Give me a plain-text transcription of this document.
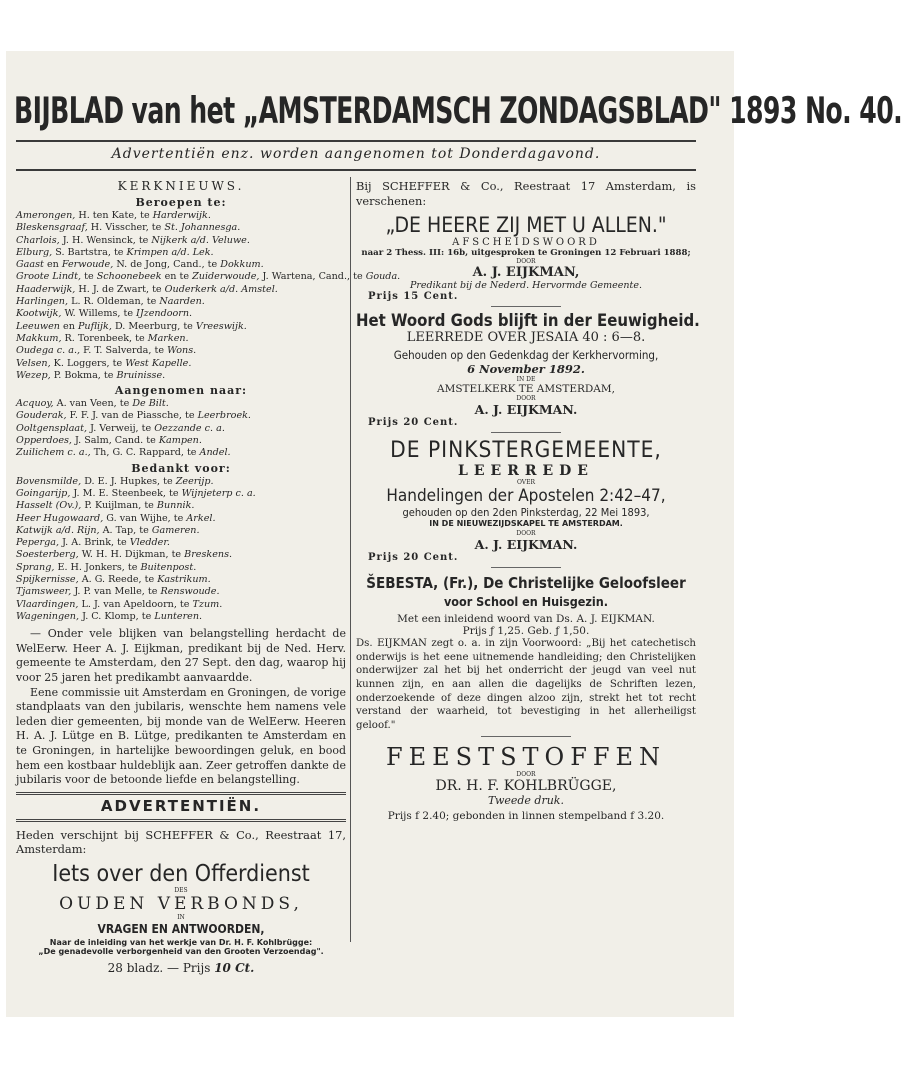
BIJBLAD van het „AMSTERDAMSCH ZONDAGSBLAD" 1893 No. 40.
Advertentiën enz. worden aangenomen tot Donderdagavond.
KERKNIEUWS.
Beroepen te:
Amerongen, H. ten Kate, te Harderwijk.
Bleskensgraaf, H. Visscher, te St. Johannesga.
Charlois, J. H. Wensinck, te Nijkerk a/d. Veluwe.
Elburg, S. Bartstra, te Krimpen a/d. Lek.
Gaast en Ferwoude, N. de Jong, Cand., te Dokkum.
Groote Lindt, te Schoonebeek en te Zuiderwoude, J. Wartena, Cand., te Gouda.
Haaderwijk, H. J. de Zwart, te Ouderkerk a/d. Amstel.
Harlingen, L. R. Oldeman, te Naarden.
Kootwijk, W. Willems, te IJzendoorn.
Leeuwen en Puflijk, D. Meerburg, te Vreeswijk.
Makkum, R. Torenbeek, te Marken.
Oudega c. a., F. T. Salverda, te Wons.
Velsen, K. Loggers, te West Kapelle.
Wezep, P. Bokma, te Bruinisse.
Aangenomen naar:
Acquoy, A. van Veen, te De Bilt.
Gouderak, F. F. J. van de Piassche, te Leerbroek.
Ooltgensplaat, J. Verweij, te Oezzande c. a.
Opperdoes, J. Salm, Cand. te Kampen.
Zuilichem c. a., Th, G. C. Rappard, te Andel.
Bedankt voor:
Bovensmilde, D. E. J. Hupkes, te Zeerijp.
Goingarijp, J. M. E. Steenbeek, te Wijnjeterp c. a.
Hasselt (Ov.), P. Kuijlman, te Bunnik.
Heer Hugowaard, G. van Wijhe, te Arkel.
Katwijk a/d. Rijn, A. Tap, te Gameren.
Peperga, J. A. Brink, te Vledder.
Soesterberg, W. H. H. Dijkman, te Breskens.
Sprang, E. H. Jonkers, te Buitenpost.
Spijkernisse, A. G. Reede, te Kastrikum.
Tjamsweer, J. P. van Melle, te Renswoude.
Vlaardingen, L. J. van Apeldoorn, te Tzum.
Wageningen, J. C. Klomp, te Lunteren.

— Onder vele blijken van belangstelling herdacht de WelEerw. Heer A. J. Eijkman, predikant bij de Ned. Herv. gemeente te Amsterdam, den 27 Sept. den dag, waarop hij voor 25 jaren het predikambt aanvaardde.

Eene commissie uit Amsterdam en Groningen, de vorige standplaats van den jubilaris, wenschte hem namens vele leden dier gemeenten, bij monde van de WelEerw. Heeren H. A. J. Lütge en B. Lütge, predikanten te Amsterdam en te Groningen, in hartelijke bewoordingen geluk, en bood hem een kostbaar huldeblijk aan. Zeer getroffen dankte de jubilaris voor de betoonde liefde en belangstelling.

ADVERTENTIËN.
Heden verschijnt bij SCHEFFER & Co., Reestraat 17, Amsterdam:
Iets over den Offerdienst
DES
OUDEN VERBONDS,
IN
VRAGEN EN ANTWOORDEN,
Naar de inleiding van het werkje van Dr. H. F. Kohlbrügge:
„De genadevolle verborgenheid van den Grooten Verzoendag".
28 bladz. — Prijs 10 Ct.
Bij SCHEFFER & Co., Reestraat 17 Amsterdam, is verschenen:
„DE HEERE ZIJ MET U ALLEN."
AFSCHEIDSWOORD
naar 2 Thess. III: 16b, uitgesproken te Groningen 12 Februari 1888;
DOOR
A. J. EIJKMAN,
Predikant bij de Nederd. Hervormde Gemeente.
Prijs 15 Cent.
Het Woord Gods blijft in der Eeuwigheid.
LEERREDE OVER JESAIA 40 : 6—8.
Gehouden op den Gedenkdag der Kerkhervorming,
6 November 1892.
IN DE
AMSTELKERK TE AMSTERDAM,
DOOR
A. J. EIJKMAN.
Prijs 20 Cent.
DE PINKSTERGEMEENTE,
LEERREDE
OVER
Handelingen der Apostelen 2:42–47,
gehouden op den 2den Pinksterdag, 22 Mei 1893,
IN DE NIEUWEZIJDSKAPEL TE AMSTERDAM.
DOOR
A. J. EIJKMAN.
Prijs 20 Cent.
ŠEBESTA, (Fr.), De Christelijke Geloofsleer
voor School en Huisgezin.
Met een inleidend woord van Ds. A. J. EIJKMAN.
Prijs ƒ 1,25. Geb. ƒ 1,50.
Ds. EIJKMAN zegt o. a. in zijn Voorwoord: „Bij het catechetisch onderwijs is het eene uitnemende handleiding; den Christelijken onderwijzer zal het bij het onderricht der jeugd van veel nut kunnen zijn, en aan allen die dagelijks de Schriften lezen, onderzoekende of deze dingen alzoo zijn, strekt het tot recht verstand der waarheid, tot bevestiging in het allerheiligst geloof."
FEESTSTOFFEN
DOOR
DR. H. F. KOHLBRÜGGE,
Tweede druk.
Prijs f 2.40; gebonden in linnen stempelband f 3.20.
